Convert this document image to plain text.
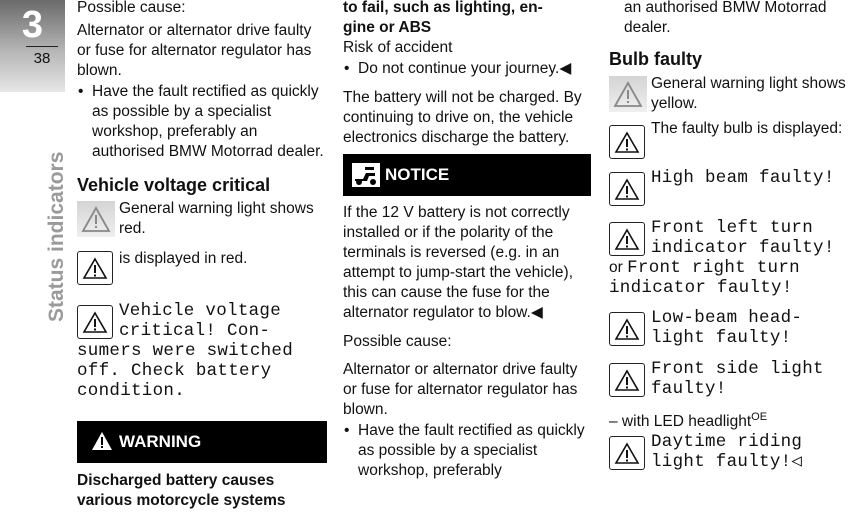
3
38
Status indicators

Possible cause:

Alternator or alternator drive faulty or fuse for alternator regulator has blown.

• Have the fault rectified as quickly as possible by a specialist workshop, preferably an authorised BMW Motorrad dealer.

Vehicle voltage critical

General warning light shows red.

is displayed in red.

Vehicle voltage
critical! Con-
sumers were switched
off. Check battery
condition.
WARNING

Discharged battery causes
various motorcycle systems

to fail, such as lighting, en-
gine or ABS

Risk of accident

• Do not continue your journey.◀

The battery will not be charged. By continuing to drive on, the vehicle electronics discharge the battery.

NOTICE

If the 12 V battery is not correctly installed or if the polarity of the terminals is reversed (e.g. in an attempt to jump-start the vehicle), this can cause the fuse for the alternator regulator to blow.◀

Possible cause:

Alternator or alternator drive faulty or fuse for alternator regulator has blown.

• Have the fault rectified as quickly as possible by a specialist workshop, preferably

an authorised BMW Motorrad dealer.

Bulb faulty

General warning light shows yellow.

The faulty bulb is displayed:

High beam faulty!
Front left turn
indicator faulty!
or Front right turn
indicator faulty!
Low-beam head-
light faulty!
Front side light
faulty!

– with LED headlight$^{OE}$

Daytime riding
light faulty!◁
